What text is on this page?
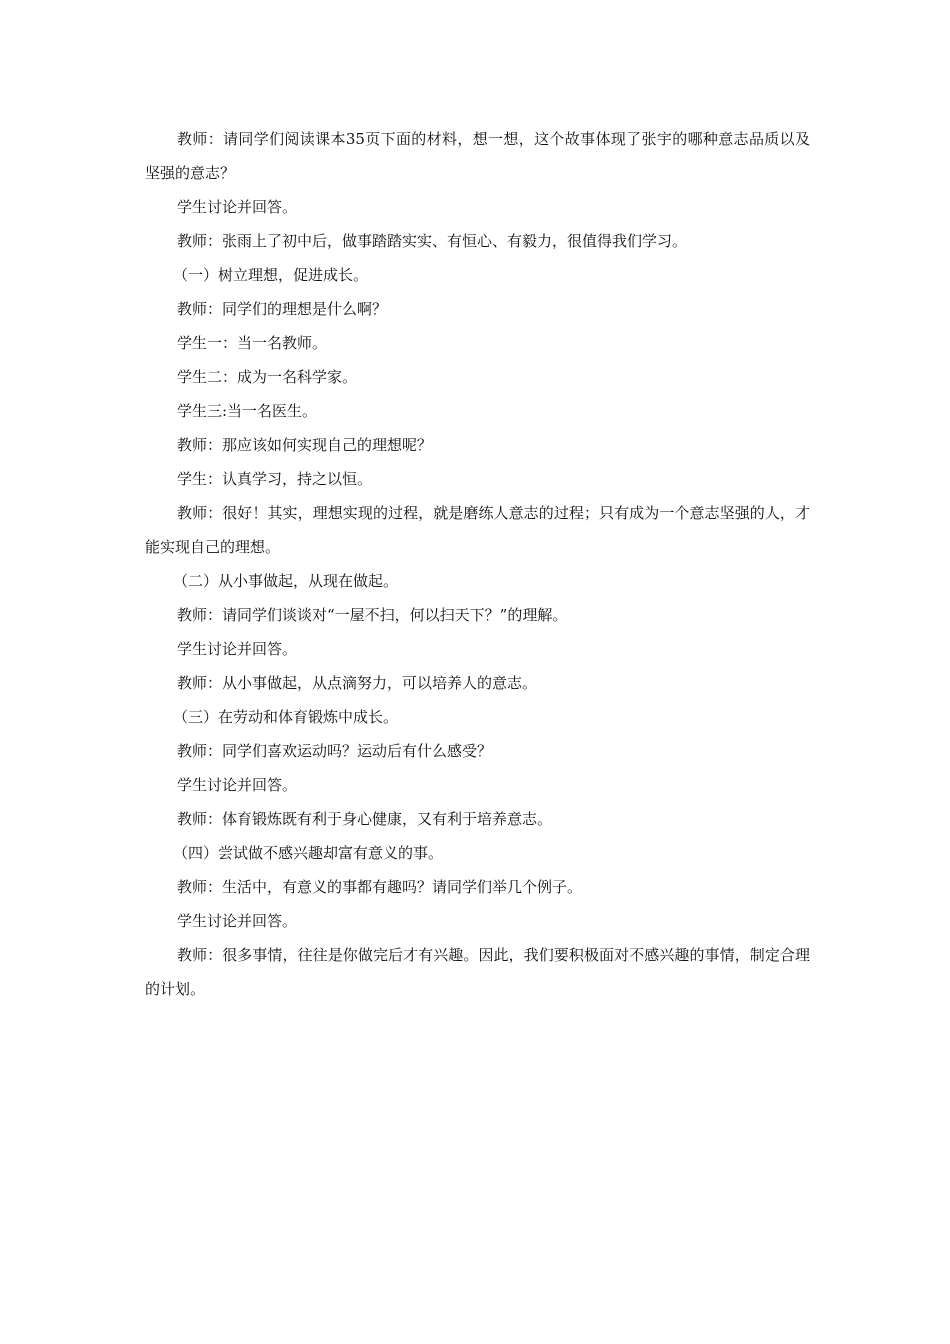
教师：请同学们阅读课本35页下面的材料，想一想，这个故事体现了张宇的哪种意志品质以及坚强的意志？

学生讨论并回答。

教师：张雨上了初中后，做事踏踏实实、有恒心、有毅力，很值得我们学习。

（一）树立理想，促进成长。

教师：同学们的理想是什么啊？

学生一：当一名教师。

学生二：成为一名科学家。

学生三:当一名医生。

教师：那应该如何实现自己的理想呢？

学生：认真学习，持之以恒。

教师：很好！其实，理想实现的过程，就是磨练人意志的过程；只有成为一个意志坚强的人，才能实现自己的理想。

（二）从小事做起，从现在做起。

教师：请同学们谈谈对“一屋不扫，何以扫天下？”的理解。

学生讨论并回答。

教师：从小事做起，从点滴努力，可以培养人的意志。

（三）在劳动和体育锻炼中成长。

教师：同学们喜欢运动吗？运动后有什么感受？

学生讨论并回答。

教师：体育锻炼既有利于身心健康，又有利于培养意志。

（四）尝试做不感兴趣却富有意义的事。

教师：生活中，有意义的事都有趣吗？请同学们举几个例子。

学生讨论并回答。

教师：很多事情，往往是你做完后才有兴趣。因此，我们要积极面对不感兴趣的事情，制定合理的计划。
